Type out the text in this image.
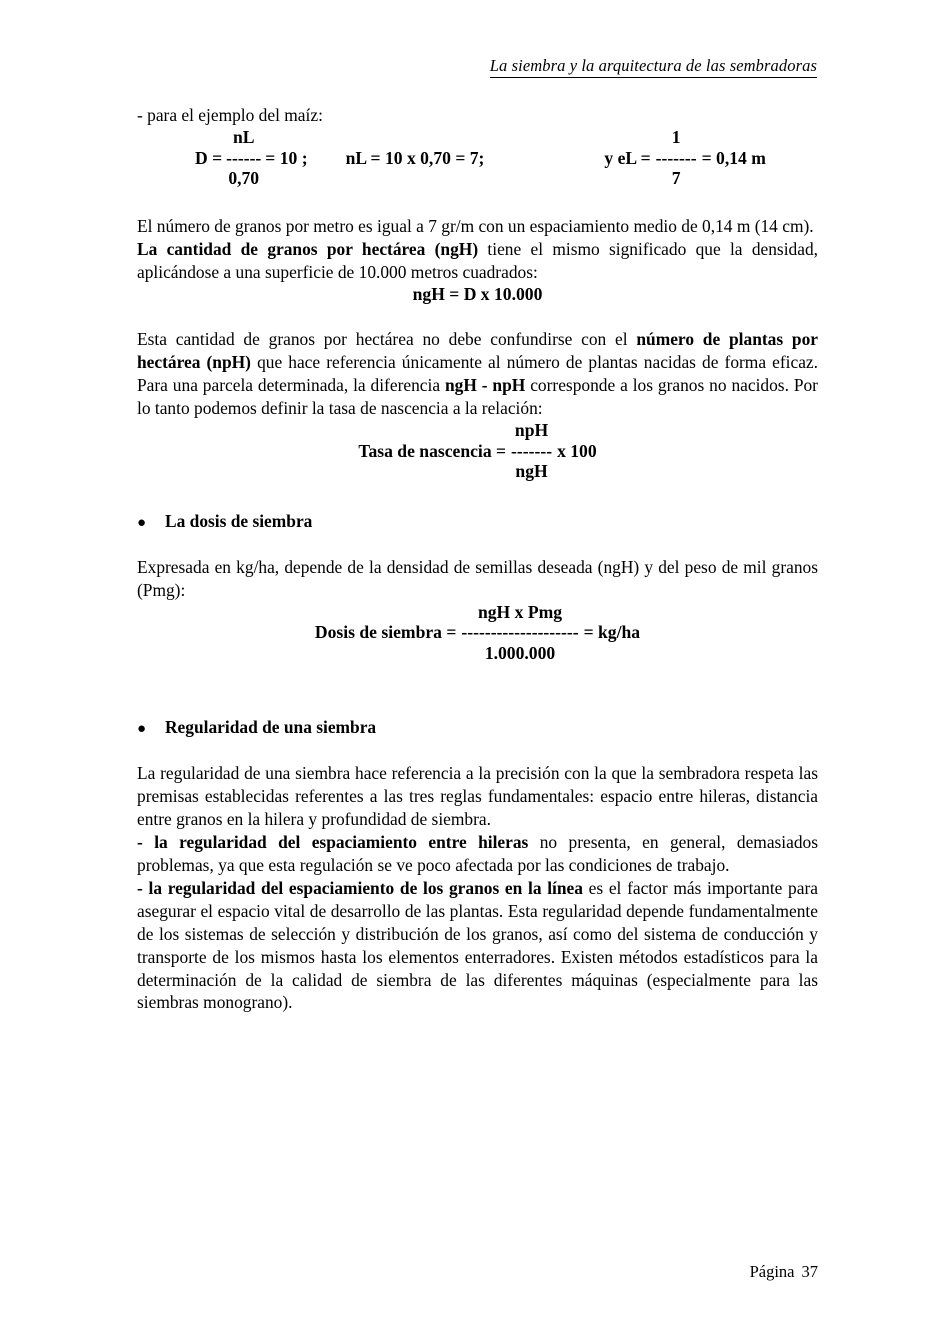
La siembra y la arquitectura de las sembradoras

- para el ejemplo del maíz:

D =
nL
------
0,70
= 10 ; nL = 10 x 0,70 = 7;	y eL =
1
-------
7
= 0,14 m

El número de granos por metro es igual a 7 gr/m con un espaciamiento medio de 0,14 m (14 cm).

La cantidad de granos por hectárea (ngH) tiene el mismo significado que la densidad, aplicándose a una superficie de 10.000 metros cuadrados:

ngH = D x 10.000

Esta cantidad de granos por hectárea no debe confundirse con el número de plantas por hectárea (npH) que hace referencia únicamente al número de plantas nacidas de forma eficaz. Para una parcela determinada, la diferencia ngH - npH corresponde a los granos no nacidos. Por lo tanto podemos definir la tasa de nascencia a la relación:

Tasa de nascencia =
npH
-------
ngH
x 100
●	La dosis de siembra

Expresada en kg/ha, depende de la densidad de semillas deseada (ngH) y del peso de mil granos (Pmg):

Dosis de siembra =
ngH x Pmg
--------------------
1.000.000
= kg/ha
●	Regularidad de una siembra

La regularidad de una siembra hace referencia a la precisión con la que la sembradora respeta las premisas establecidas referentes a las tres reglas fundamentales: espacio entre hileras, distancia entre granos en la hilera y profundidad de siembra.

- la regularidad del espaciamiento entre hileras no presenta, en general, demasiados problemas, ya que esta regulación se ve poco afectada por las condiciones de trabajo.

- la regularidad del espaciamiento de los granos en la línea es el factor más importante para asegurar el espacio vital de desarrollo de las plantas. Esta regularidad depende fundamentalmente de los sistemas de selección y distribución de los granos, así como del sistema de conducción y transporte de los mismos hasta los elementos enterradores. Existen métodos estadísticos para la determinación de la calidad de siembra de las diferentes máquinas (especialmente para las siembras monograno).

Página 37
